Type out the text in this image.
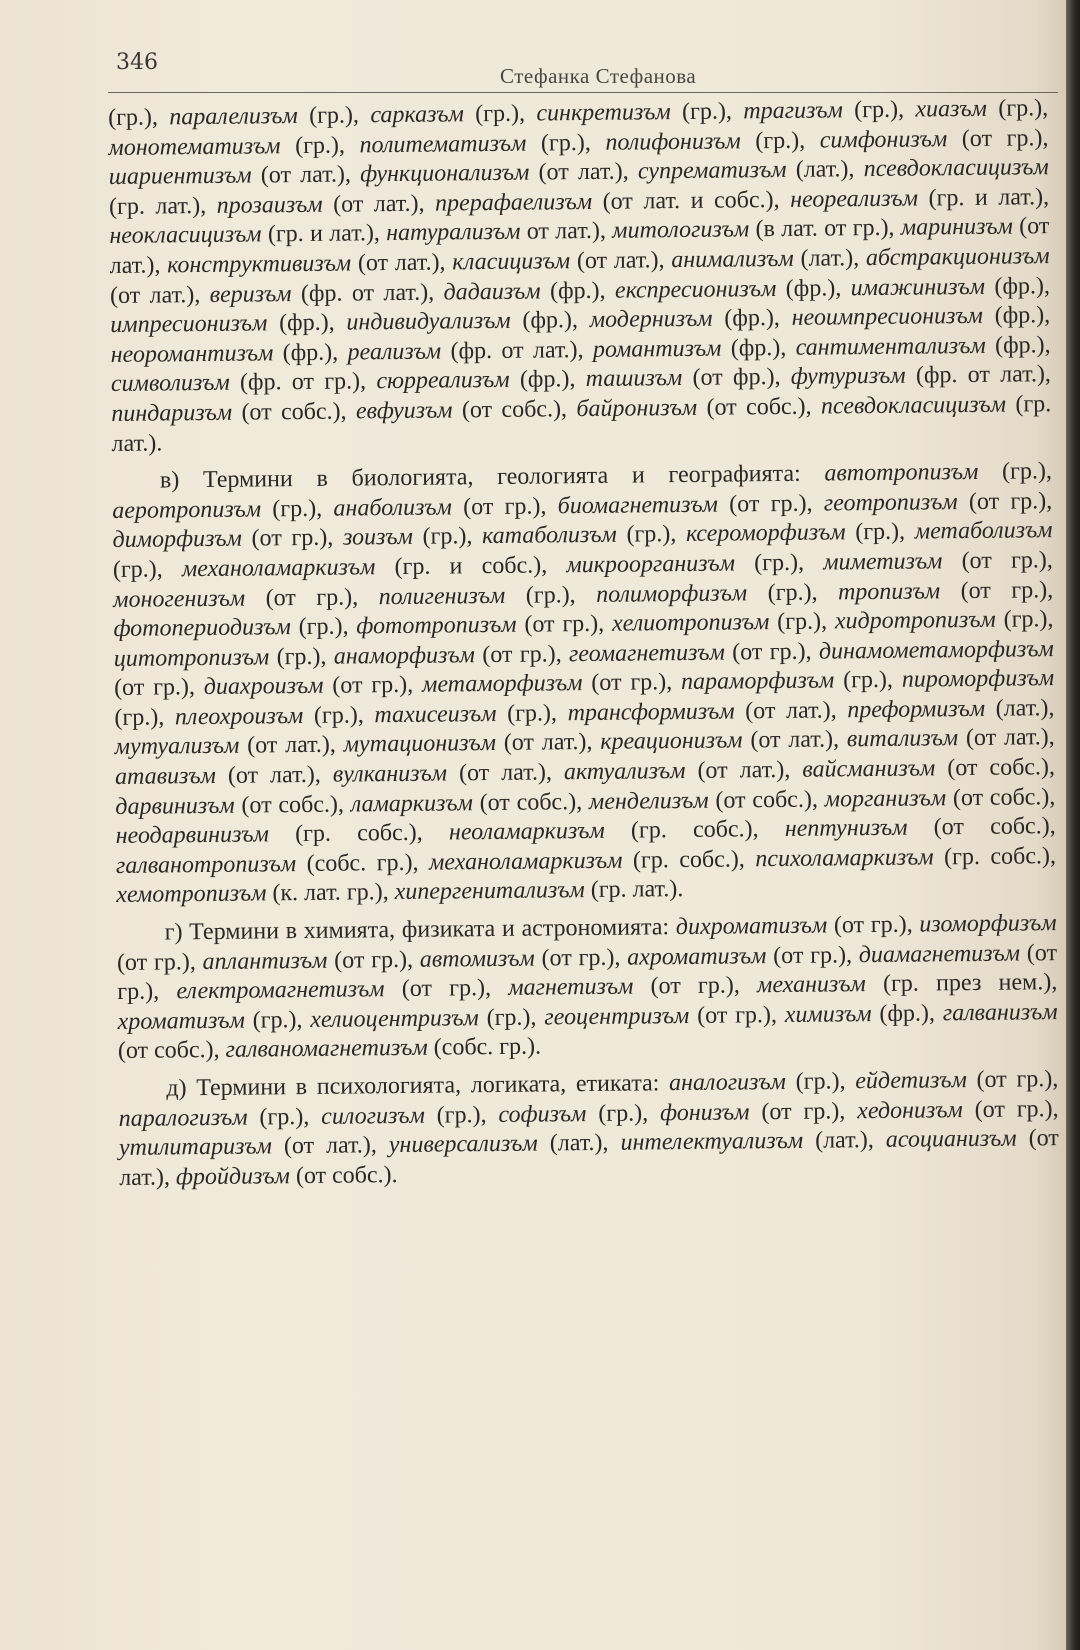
346
Стефанка Стефанова

(гр.), паралелизъм (гр.), сарказъм (гр.), синкретизъм (гр.), трагизъм (гр.), хиазъм (гр.), монотематизъм (гр.), политематизъм (гр.), полифонизъм (гр.), симфонизъм (от гр.), шариентизъм (от лат.), функционализъм (от лат.), супрематизъм (лат.), псевдокласицизъм (гр. лат.), прозаизъм (от лат.), прерафаелизъм (от лат. и собс.), неореализъм (гр. и лат.), неокласицизъм (гр. и лат.), натурализъм от лат.), митологизъм (в лат. от гр.), маринизъм (от лат.), конструктивизъм (от лат.), класицизъм (от лат.), анимализъм (лат.), абстракционизъм (от лат.), веризъм (фр. от лат.), дадаизъм (фр.), експресионизъм (фр.), имажинизъм (фр.), импресионизъм (фр.), индивидуализъм (фр.), модернизъм (фр.), неоимпресионизъм (фр.), неоромантизъм (фр.), реализъм (фр. от лат.), романтизъм (фр.), сантиментализъм (фр.), символизъм (фр. от гр.), сюрреализъм (фр.), ташизъм (от фр.), футуризъм (фр. от лат.), пиндаризъм (от собс.), евфуизъм (от собс.), байронизъм (от собс.), псевдокласицизъм (гр. лат.).

в) Термини в биологията, геологията и географията: автотропизъм (гр.), аеротропизъм (гр.), анаболизъм (от гр.), биомагнетизъм (от гр.), геотропизъм (от гр.), диморфизъм (от гр.), зоизъм (гр.), катаболизъм (гр.), ксероморфизъм (гр.), метаболизъм (гр.), механоламаркизъм (гр. и собс.), микроорганизъм (гр.), миметизъм (от гр.), моногенизъм (от гр.), полигенизъм (гр.), полиморфизъм (гр.), тропизъм (от гр.), фотопериодизъм (гр.), фототропизъм (от гр.), хелиотропизъм (гр.), хидротропизъм (гр.), цитотропизъм (гр.), анаморфизъм (от гр.), геомагнетизъм (от гр.), динамометаморфизъм (от гр.), диахроизъм (от гр.), метаморфизъм (от гр.), параморфизъм (гр.), пироморфизъм (гр.), плеохроизъм (гр.), тахисеизъм (гр.), трансформизъм (от лат.), преформизъм (лат.), мутуализъм (от лат.), мутационизъм (от лат.), креационизъм (от лат.), витализъм (от лат.), атавизъм (от лат.), вулканизъм (от лат.), актуализъм (от лат.), вайсманизъм (от собс.), дарвинизъм (от собс.), ламаркизъм (от собс.), менделизъм (от собс.), морганизъм (от собс.), неодарвинизъм (гр. собс.), неоламаркизъм (гр. собс.), нептунизъм (от собс.), галванотропизъм (собс. гр.), механоламаркизъм (гр. собс.), психоламаркизъм (гр. собс.), хемотропизъм (к. лат. гр.), хипергенитализъм (гр. лат.).

г) Термини в химията, физиката и астрономията: дихроматизъм (от гр.), изоморфизъм (от гр.), аплантизъм (от гр.), автомизъм (от гр.), ахроматизъм (от гр.), диамагнетизъм (от гр.), електромагнетизъм (от гр.), магнетизъм (от гр.), механизъм (гр. през нем.), хроматизъм (гр.), хелиоцентризъм (гр.), геоцентризъм (от гр.), химизъм (фр.), галванизъм (от собс.), галваномагнетизъм (собс. гр.).

д) Термини в психологията, логиката, етиката: аналогизъм (гр.), ейдетизъм (от гр.), паралогизъм (гр.), силогизъм (гр.), софизъм (гр.), фонизъм (от гр.), хедонизъм (от гр.), утилитаризъм (от лат.), универсализъм (лат.), интелектуализъм (лат.), асоцианизъм (от лат.), фройдизъм (от собс.).
